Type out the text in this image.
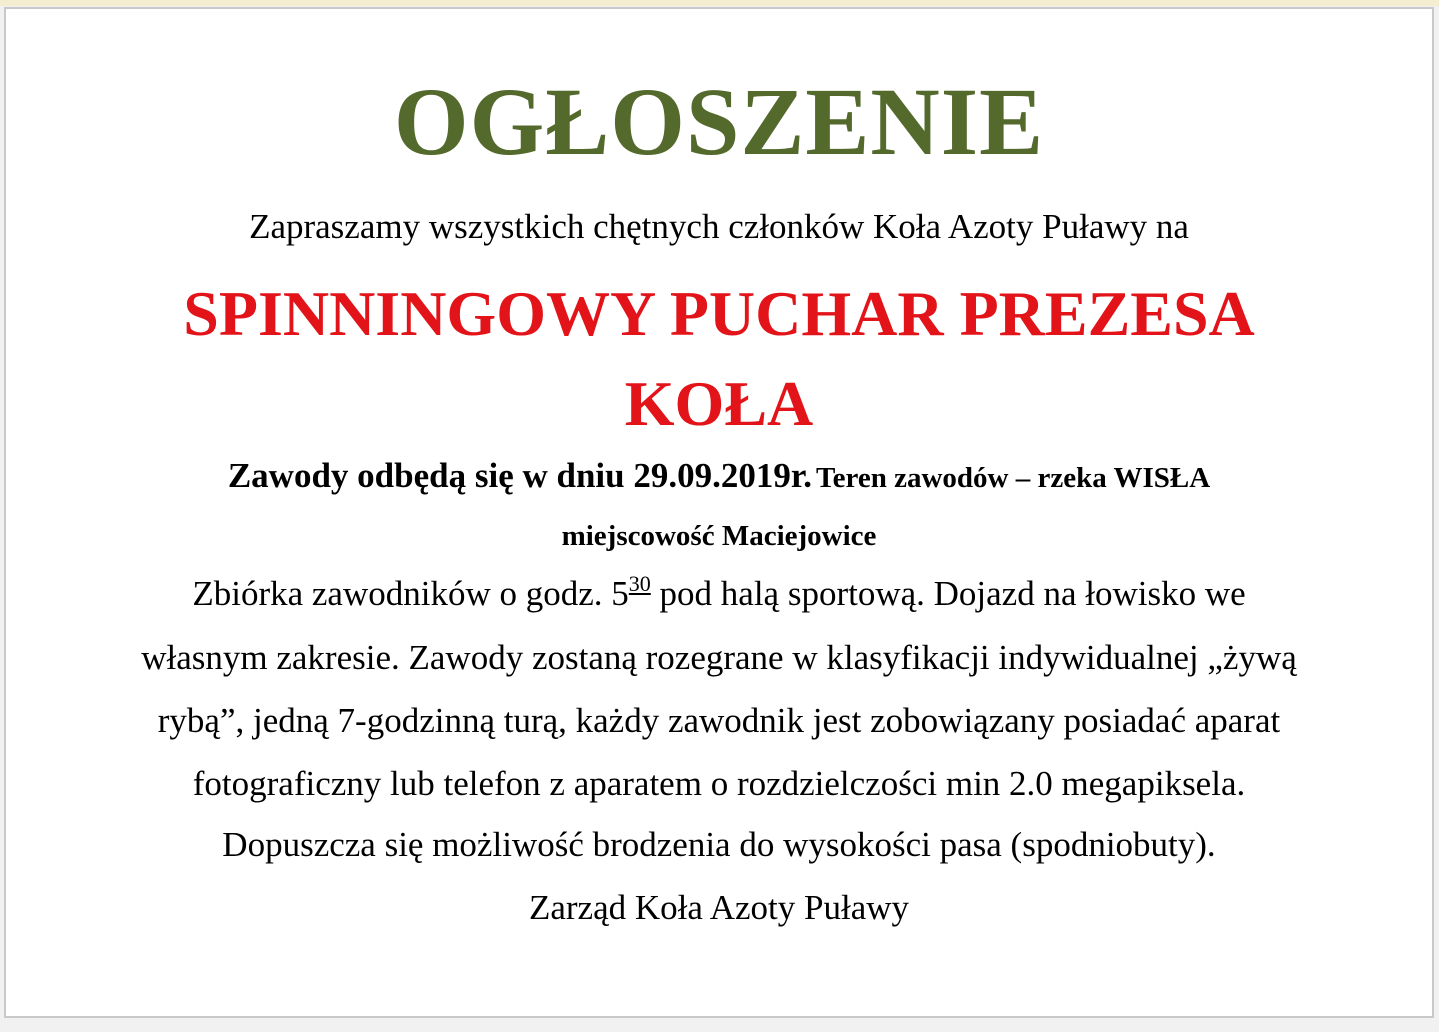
OGŁOSZENIE
Zapraszamy wszystkich chętnych członków Koła Azoty Puławy na
SPINNINGOWY PUCHAR PREZESA
KOŁA
Zawody odbędą się w dniu 29.09.2019r. Teren zawodów – rzeka WISŁA
miejscowość Maciejowice
Zbiórka zawodników o godz. $5^{30}$ pod halą sportową. Dojazd na łowisko we
własnym zakresie. Zawody zostaną rozegrane w klasyfikacji indywidualnej „żywą
rybą”, jedną 7-godzinną turą, każdy zawodnik jest zobowiązany posiadać aparat
fotograficzny lub telefon z aparatem o rozdzielczości min 2.0 megapiksela.
Dopuszcza się możliwość brodzenia do wysokości pasa (spodniobuty).
Zarząd Koła Azoty Puławy
